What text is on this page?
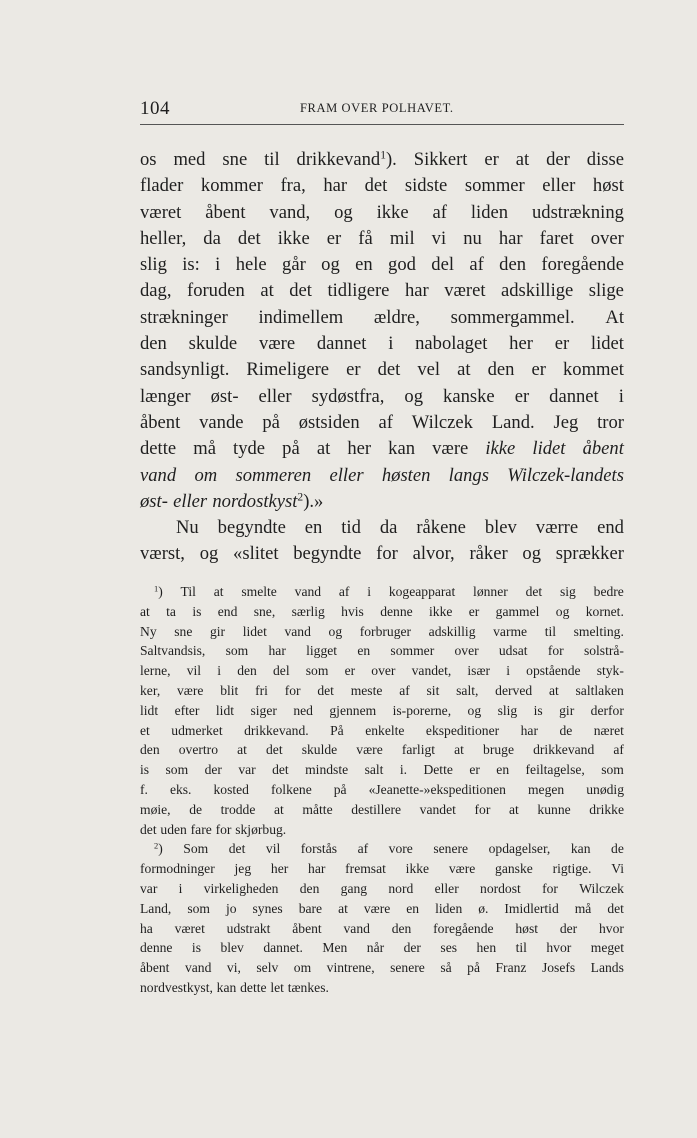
104	FRAM OVER POLHAVET.
os med sne til drikkevand$^1$). Sikkert er at der disse
flader kommer fra, har det sidste sommer eller høst
været åbent vand, og ikke af liden udstrækning
heller, da det ikke er få mil vi nu har faret over
slig is: i hele går og en god del af den foregående
dag, foruden at det tidligere har været adskillige slige
strækninger indimellem ældre, sommergammel. At
den skulde være dannet i nabolaget her er lidet
sandsynligt. Rimeligere er det vel at den er kommet
længer øst- eller sydøstfra, og kanske er dannet i
åbent vande på østsiden af Wilczek Land. Jeg tror
dette må tyde på at her kan være ikke lidet åbent
vand om sommeren eller høsten langs Wilczek-landets
øst- eller nordostkyst$^2$).»
Nu begyndte en tid da råkene blev værre end
værst, og «slitet begyndte for alvor, råker og sprækker
$^1$) Til at smelte vand af i kogeapparat lønner det sig bedre
at ta is end sne, særlig hvis denne ikke er gammel og kornet.
Ny sne gir lidet vand og forbruger adskillig varme til smelting.
Saltvandsis, som har ligget en sommer over udsat for solstrå-
lerne, vil i den del som er over vandet, især i opstående styk-
ker, være blit fri for det meste af sit salt, derved at saltlaken
lidt efter lidt siger ned gjennem is-porerne, og slig is gir derfor
et udmerket drikkevand. På enkelte ekspeditioner har de næret
den overtro at det skulde være farligt at bruge drikkevand af
is som der var det mindste salt i. Dette er en feiltagelse, som
f. eks. kosted folkene på «Jeanette-»ekspeditionen megen unødig
møie, de trodde at måtte destillere vandet for at kunne drikke
det uden fare for skjørbug.
$^2$) Som det vil forstås af vore senere opdagelser, kan de
formodninger jeg her har fremsat ikke være ganske rigtige. Vi
var i virkeligheden den gang nord eller nordost for Wilczek
Land, som jo synes bare at være en liden ø. Imidlertid må det
ha været udstrakt åbent vand den foregående høst der hvor
denne is blev dannet. Men når der ses hen til hvor meget
åbent vand vi, selv om vintrene, senere så på Franz Josefs Lands
nordvestkyst, kan dette let tænkes.
